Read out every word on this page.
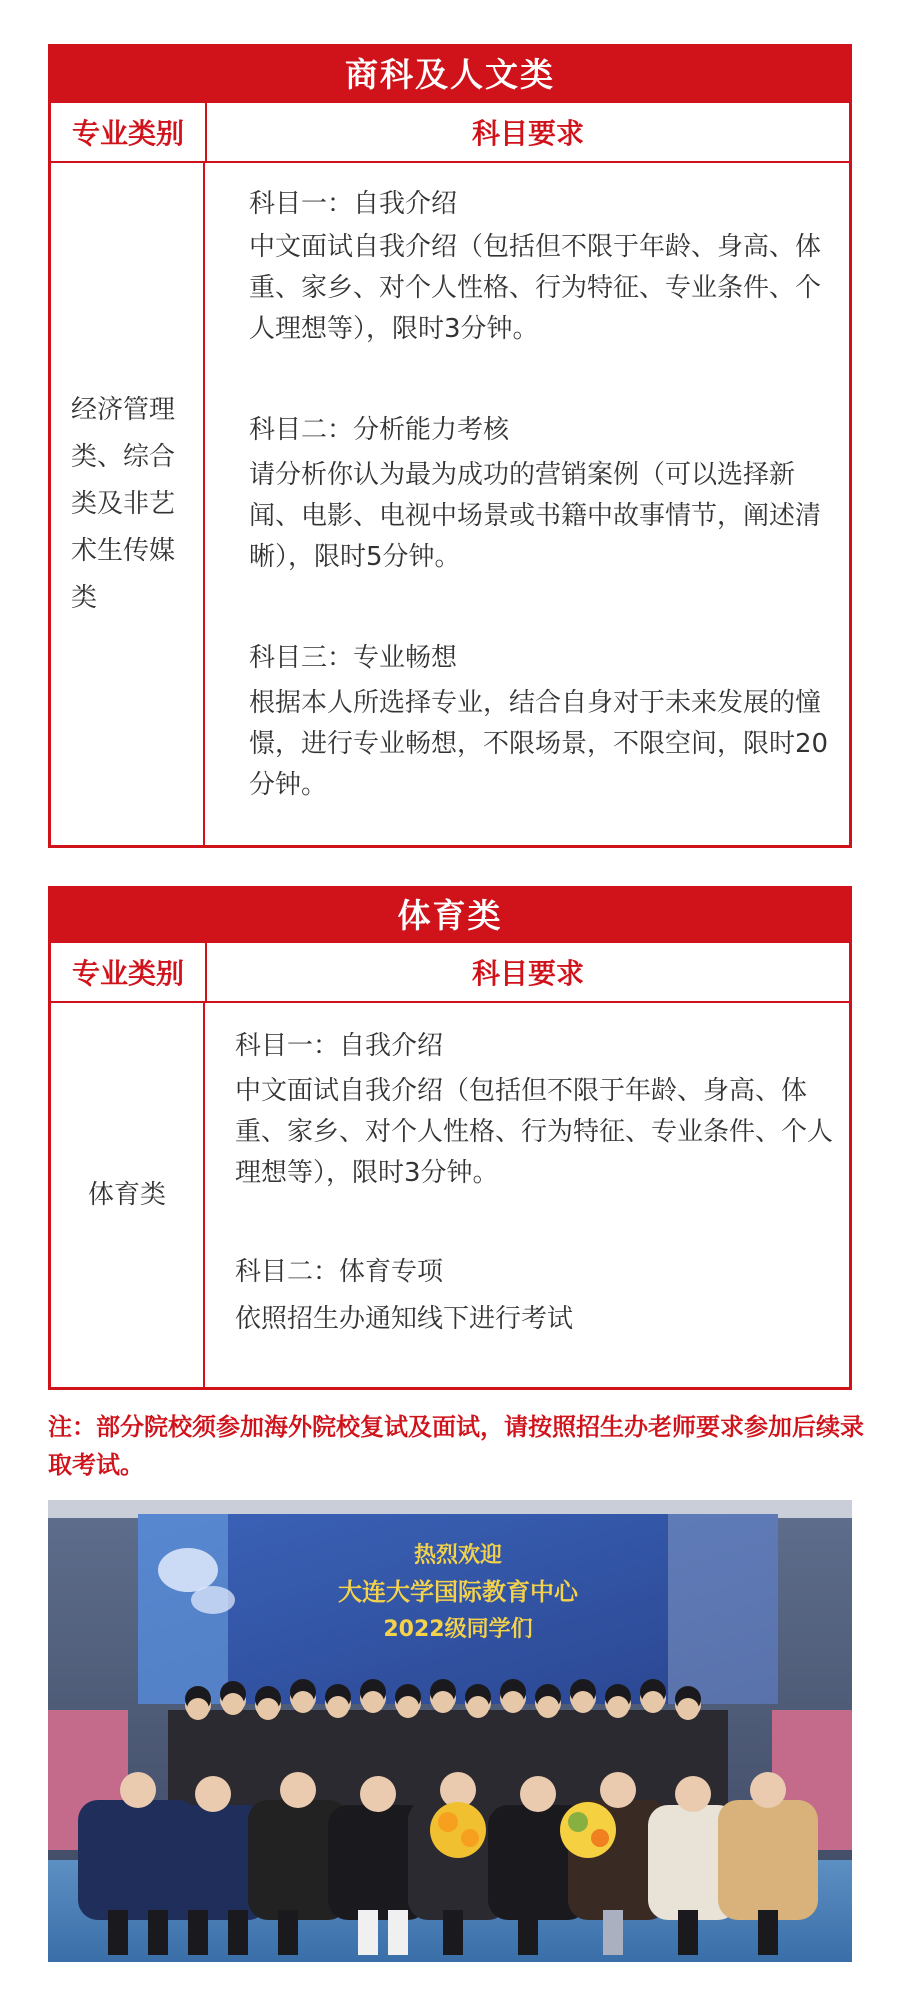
商科及人文类
专业类别	科目要求
经济管理类、综合类及非艺术生传媒类
科目一：自我介绍
中文面试自我介绍（包括但不限于年龄、身高、体重、家乡、对个人性格、行为特征、专业条件、个人理想等），限时3分钟。
科目二：分析能力考核
请分析你认为最为成功的营销案例（可以选择新闻、电影、电视中场景或书籍中故事情节，阐述清晰），限时5分钟。
科目三：专业畅想
根据本人所选择专业，结合自身对于未来发展的憧憬，进行专业畅想，不限场景，不限空间，限时20分钟。
体育类
专业类别	科目要求
体育类
科目一：自我介绍
中文面试自我介绍（包括但不限于年龄、身高、体重、家乡、对个人性格、行为特征、专业条件、个人理想等），限时3分钟。
科目二：体育专项
依照招生办通知线下进行考试
注：部分院校须参加海外院校复试及面试，请按照招生办老师要求参加后续录取考试。
热烈欢迎
大连大学国际教育中心
2022级同学们
